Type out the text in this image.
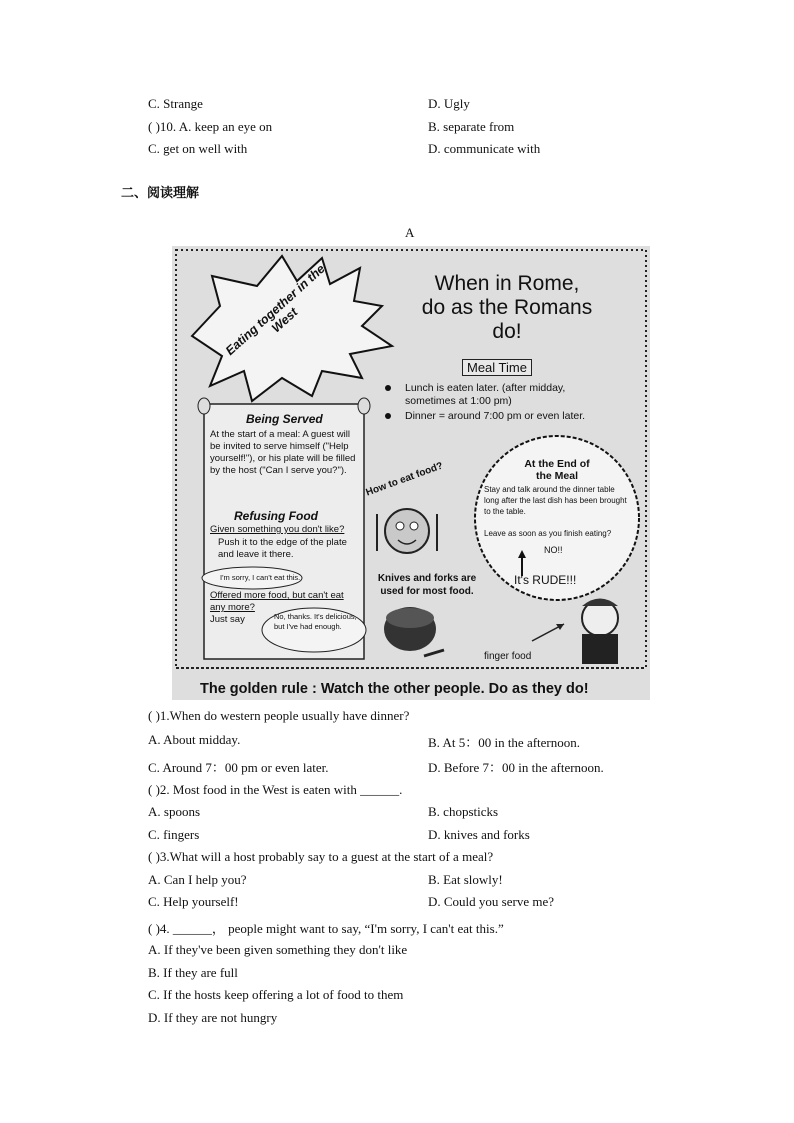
C. Strange	D. Ugly
( )10. A. keep an eye on	B. separate from
C. get on well with	D. communicate with
二、阅读理解
A
Eating together in the West
When in Rome,
do as the Romans do!
Meal Time
Lunch is eaten later. (after midday,
sometimes at 1:00 pm)
Dinner = around 7:00 pm or even later.
Being Served
At the start of a meal: A guest will be invited to serve himself ("Help yourself!"), or his plate will be filled by the host ("Can I serve you?").
Refusing Food
Given something you don't like?
Push it to the edge of the plate and leave it there.
I'm sorry, I can't eat this.
Offered more food, but can't eat any more?
Just say	No, thanks. It's delicious, but I've had enough.
How to eat food?
Knives and forks are used for most food.
At the End of
the Meal
Stay and talk around the dinner table long after the last dish has been brought to the table.
Leave as soon as you finish eating?
NO!!
It's RUDE!!!
finger food
The golden rule : Watch the other people. Do as they do!
( )1.When do western people usually have dinner?
A. About midday.	B. At 5：00 in the afternoon.
C. Around 7：00 pm or even later.	D. Before 7：00 in the afternoon.
( )2. Most food in the West is eaten with ______.
A. spoons	B. chopsticks
C. fingers	D. knives and forks
( )3.What will a host probably say to a guest at the start of a meal?
A. Can I help you?	B. Eat slowly!
C. Help yourself!	D. Could you serve me?
( )4. ______， people might want to say, “I'm sorry, I can't eat this.”
A. If they've been given something they don't like
B. If they are full
C. If the hosts keep offering a lot of food to them
D. If they are not hungry
